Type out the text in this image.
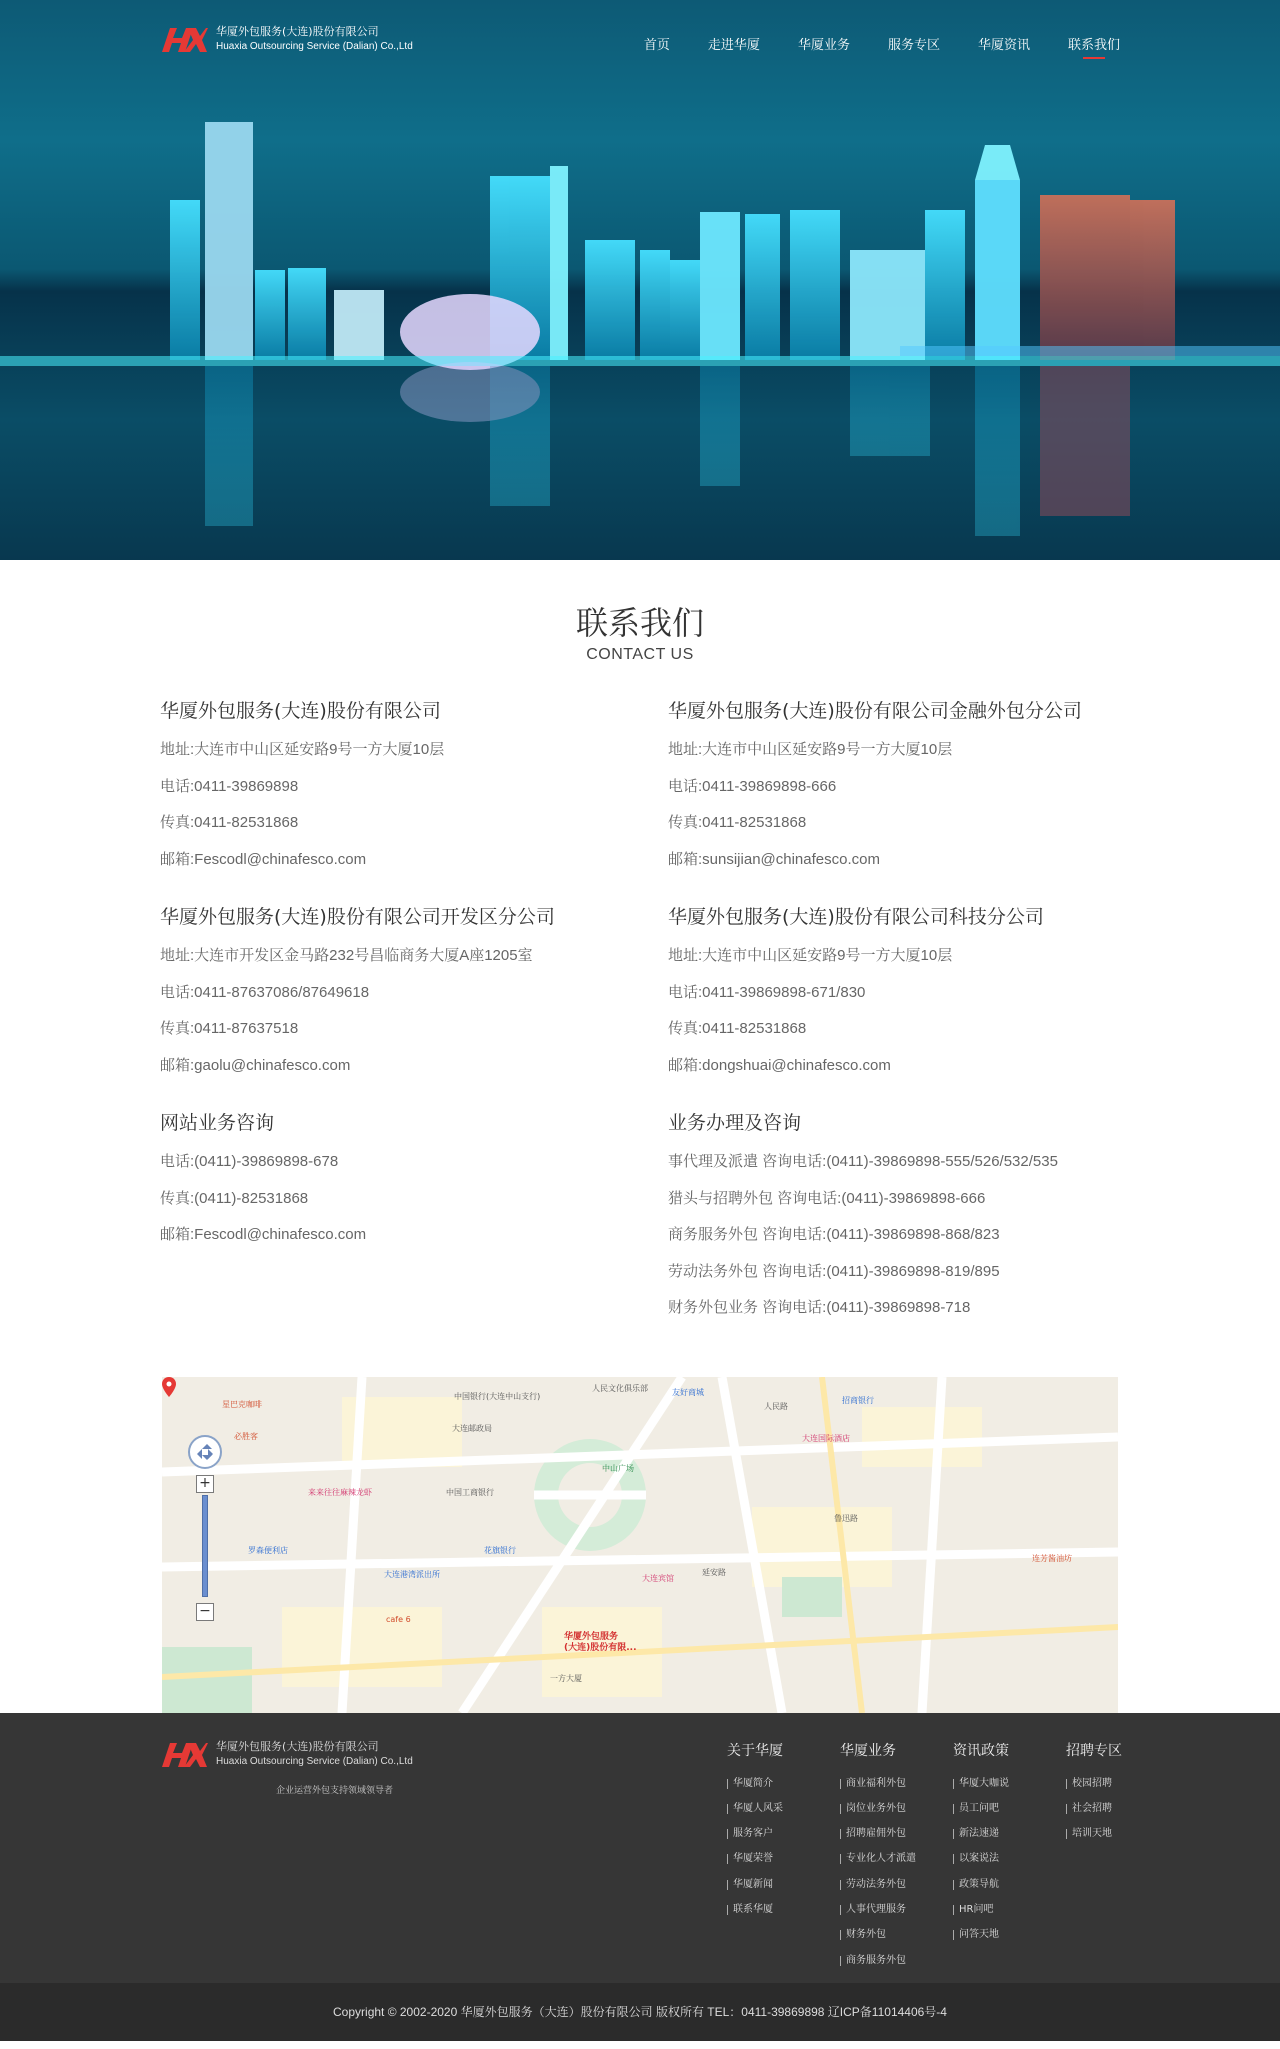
华厦外包服务(大连)股份有限公司
Huaxia Outsourcing Service (Dalian) Co.,Ltd	首页	走进华厦	华厦业务	服务专区	华厦资讯	联系我们
联系我们
CONTACT US
华厦外包服务(大连)股份有限公司

地址:大连市中山区延安路9号一方大厦10层

电话:0411-39869898

传真:0411-82531868

邮箱:Fescodl@chinafesco.com

华厦外包服务(大连)股份有限公司金融外包分公司

地址:大连市中山区延安路9号一方大厦10层

电话:0411-39869898-666

传真:0411-82531868

邮箱:sunsijian@chinafesco.com

华厦外包服务(大连)股份有限公司开发区分公司

地址:大连市开发区金马路232号昌临商务大厦A座1205室

电话:0411-87637086/87649618

传真:0411-87637518

邮箱:gaolu@chinafesco.com

华厦外包服务(大连)股份有限公司科技分公司

地址:大连市中山区延安路9号一方大厦10层

电话:0411-39869898-671/830

传真:0411-82531868

邮箱:dongshuai@chinafesco.com

网站业务咨询

电话:(0411)-39869898-678

传真:(0411)-82531868

邮箱:Fescodl@chinafesco.com

业务办理及咨询

事代理及派遣 咨询电话:(0411)-39869898-555/526/532/535

猎头与招聘外包 咨询电话:(0411)-39869898-666

商务服务外包 咨询电话:(0411)-39869898-868/823

劳动法务外包 咨询电话:(0411)-39869898-819/895

财务外包业务 咨询电话:(0411)-39869898-718

星巴克咖啡
必胜客
友好商城
人民路
招商银行
大连国际酒店
中山广场
大连宾馆
花旗银行
罗森便利店
来来往往麻辣龙虾
cafe 6
一方大厦
鲁迅路
延安路
大连港湾派出所
中国银行(大连中山支行)
中国工商银行
人民文化俱乐部
连芳酱油坊
大连邮政局
华厦外包服务
(大连)股份有限...
+
−
华厦外包服务(大连)股份有限公司
Huaxia Outsourcing Service (Dalian) Co.,Ltd
企业运营外包支持领域领导者
关于华厦
华厦简介
华厦人风采
服务客户
华厦荣誉
华厦新闻
联系华厦
华厦业务
商业福利外包
岗位业务外包
招聘雇佣外包
专业化人才派遣
劳动法务外包
人事代理服务
财务外包
商务服务外包
资讯政策
华厦大咖说
员工问吧
新法速递
以案说法
政策导航
HR问吧
问答天地
招聘专区
校园招聘
社会招聘
培训天地
Copyright © 2002-2020 华厦外包服务（大连）股份有限公司 版权所有 TEL：0411-39869898 辽ICP备11014406号-4
